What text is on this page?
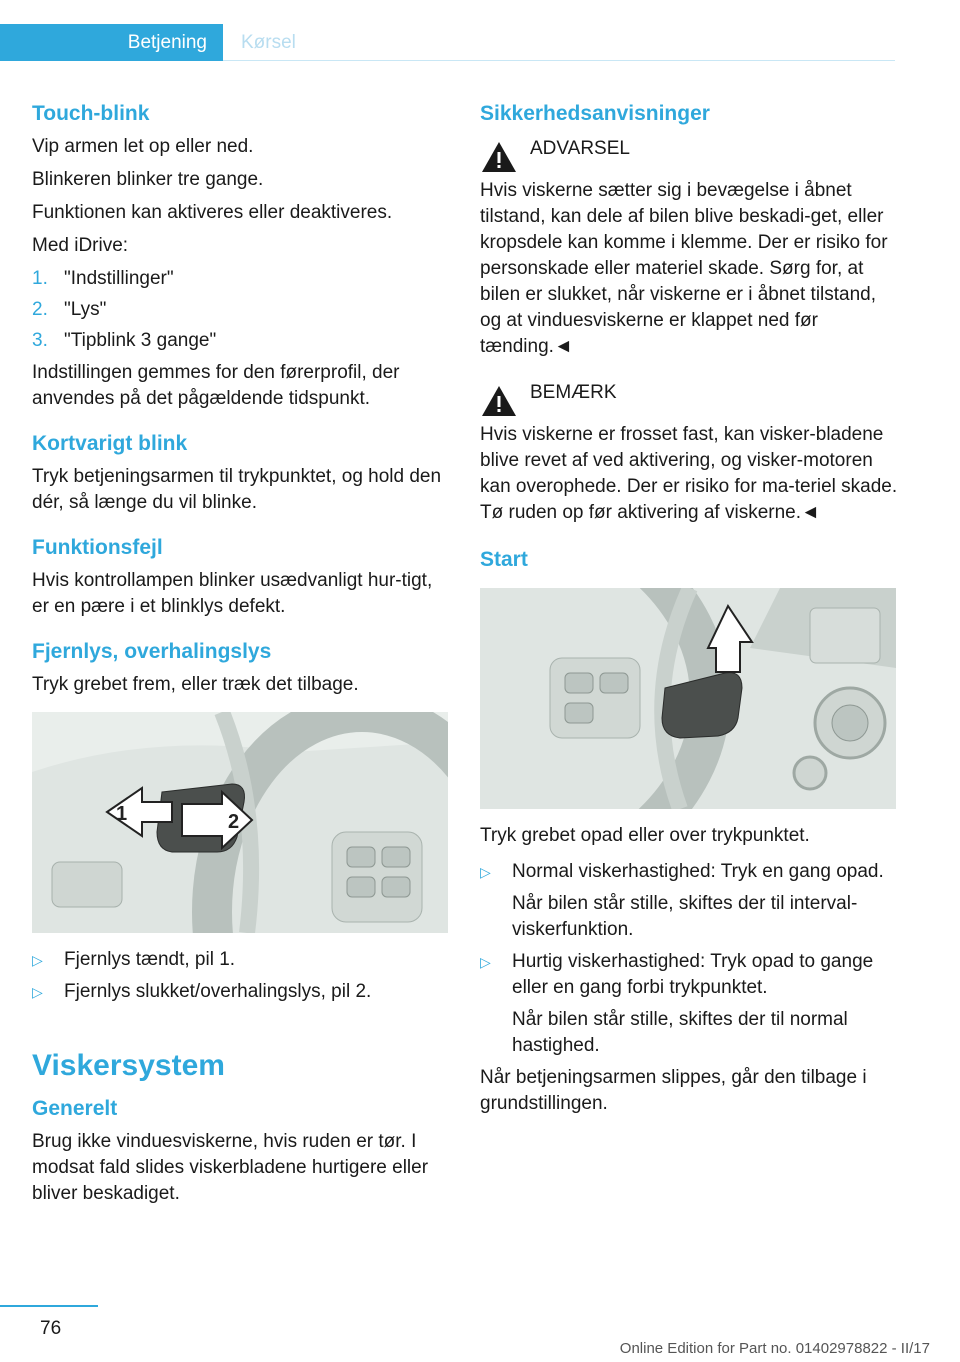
Betjening	Kørsel
Touch-blink

Vip armen let op eller ned.

Blinkeren blinker tre gange.

Funktionen kan aktiveres eller deaktiveres.

Med iDrive:

1. "Indstillinger"
2. "Lys"
3. "Tipblink 3 gange"

Indstillingen gemmes for den førerprofil, der anvendes på det pågældende tidspunkt.

Kortvarigt blink

Tryk betjeningsarmen til trykpunktet, og hold den dér, så længe du vil blinke.

Funktionsfejl

Hvis kontrollampen blinker usædvanligt hur-tigt, er en pære i et blinklys defekt.

Fjernlys, overhalingslys

Tryk grebet frem, eller træk det tilbage.

1	2
▷	Fjernlys tændt, pil 1.
▷	Fjernlys slukket/overhalingslys, pil 2.
Viskersystem
Generelt

Brug ikke vinduesviskerne, hvis ruden er tør. I modsat fald slides viskerbladene hurtigere eller bliver beskadiget.

Sikkerhedsanvisninger
ADVARSEL

Hvis viskerne sætter sig i bevægelse i åbnet tilstand, kan dele af bilen blive beskadi-get, eller kropsdele kan komme i klemme. Der er risiko for personskade eller materiel skade. Sørg for, at bilen er slukket, når viskerne er i åbnet tilstand, og at vinduesviskerne er klappet ned før tænding.◄

BEMÆRK

Hvis viskerne er frosset fast, kan visker-bladene blive revet af ved aktivering, og visker-motoren kan overophede. Der er risiko for ma-teriel skade. Tø ruden op før aktivering af viskerne.◄

Start

Tryk grebet opad eller over trykpunktet.

▷	Normal viskerhastighed: Tryk en gang opad.
Når bilen står stille, skiftes der til interval-viskerfunktion.
▷	Hurtig viskerhastighed: Tryk opad to gange eller en gang forbi trykpunktet.
Når bilen står stille, skiftes der til normal hastighed.

Når betjeningsarmen slippes, går den tilbage i grundstillingen.

76
Online Edition for Part no. 01402978822 - II/17
